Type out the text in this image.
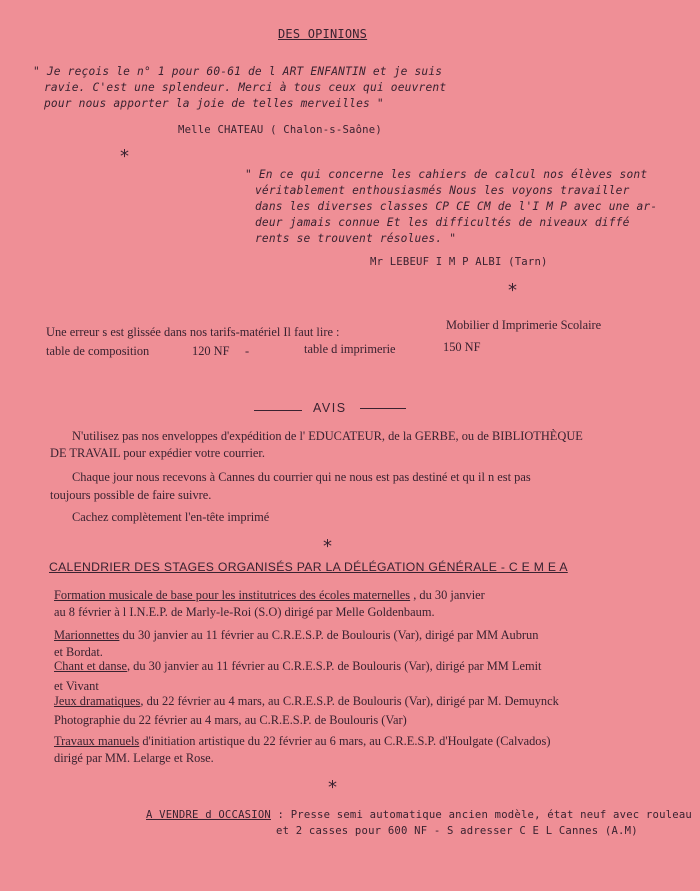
DES OPINIONS
" Je reçois le n° 1 pour 60-61 de l ART ENFANTIN et je suis
ravie. C'est une splendeur. Merci à tous ceux qui oeuvrent
pour nous apporter la joie de telles merveilles "
Melle CHATEAU ( Chalon-s-Saône)
*
" En ce qui concerne les cahiers de calcul nos élèves sont
véritablement enthousiasmés Nous les voyons travailler
dans les diverses classes CP CE CM de l'I M P avec une ar-
deur jamais connue Et les difficultés de niveaux diffé
rents se trouvent résolues. "
Mr LEBEUF I M P ALBI (Tarn)
*
Une erreur s est glissée dans nos tarifs-matériel Il faut lire :	Mobilier d Imprimerie Scolaire
table de composition	120 NF -	table d imprimerie	150 NF
AVIS
N'utilisez pas nos enveloppes d'expédition de l' EDUCATEUR, de la GERBE, ou de BIBLIOTHÈQUE
DE TRAVAIL pour expédier votre courrier.
Chaque jour nous recevons à Cannes du courrier qui ne nous est pas destiné et qu il n est pas
toujours possible de faire suivre.
Cachez complètement l'en-tête imprimé
*
CALENDRIER DES STAGES ORGANISÉS PAR LA DÉLÉGATION GÉNÉRALE - C E M E A
Formation musicale de base pour les institutrices des écoles maternelles , du 30 janvier
au 8 février à l I.N.E.P. de Marly-le-Roi (S.O) dirigé par Melle Goldenbaum.
Marionnettes du 30 janvier au 11 février au C.R.E.S.P. de Boulouris (Var), dirigé par MM Aubrun
et Bordat.
Chant et danse, du 30 janvier au 11 février au C.R.E.S.P. de Boulouris (Var), dirigé par MM Lemit
et Vivant
Jeux dramatiques, du 22 février au 4 mars, au C.R.E.S.P. de Boulouris (Var), dirigé par M. Demuynck
Photographie du 22 février au 4 mars, au C.R.E.S.P. de Boulouris (Var)
Travaux manuels d'initiation artistique du 22 février au 6 mars, au C.R.E.S.P. d'Houlgate (Calvados)
dirigé par MM. Lelarge et Rose.
*
A VENDRE d OCCASION : Presse semi automatique ancien modèle, état neuf avec rouleau
et 2 casses pour 600 NF - S adresser C E L Cannes (A.M)
